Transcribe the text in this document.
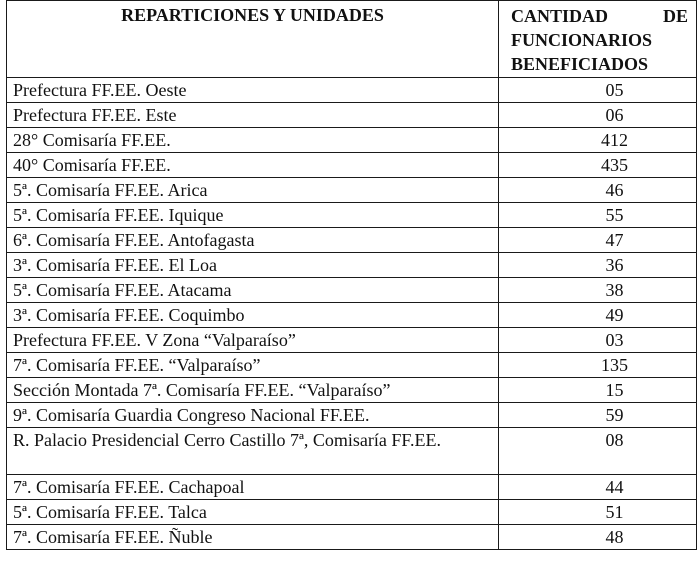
REPARTICIONES Y UNIDADES	CANTIDAD DE
FUNCIONARIOS
BENEFICIADOS

Prefectura FF.EE. Oeste	05
Prefectura FF.EE. Este	06
28° Comisaría FF.EE.	412
40° Comisaría FF.EE.	435
5ª. Comisaría FF.EE. Arica	46
5ª. Comisaría FF.EE. Iquique	55
6ª. Comisaría FF.EE. Antofagasta	47
3ª. Comisaría FF.EE. El Loa	36
5ª. Comisaría FF.EE. Atacama	38
3ª. Comisaría FF.EE. Coquimbo	49
Prefectura FF.EE. V Zona “Valparaíso”	03
7ª. Comisaría FF.EE. “Valparaíso”	135
Sección Montada 7ª. Comisaría FF.EE. “Valparaíso”	15
9ª. Comisaría Guardia Congreso Nacional FF.EE.	59
R. Palacio Presidencial Cerro Castillo 7ª, Comisaría FF.EE.	08
7ª. Comisaría FF.EE. Cachapoal	44
5ª. Comisaría FF.EE. Talca	51
7ª. Comisaría FF.EE. Ñuble	48
